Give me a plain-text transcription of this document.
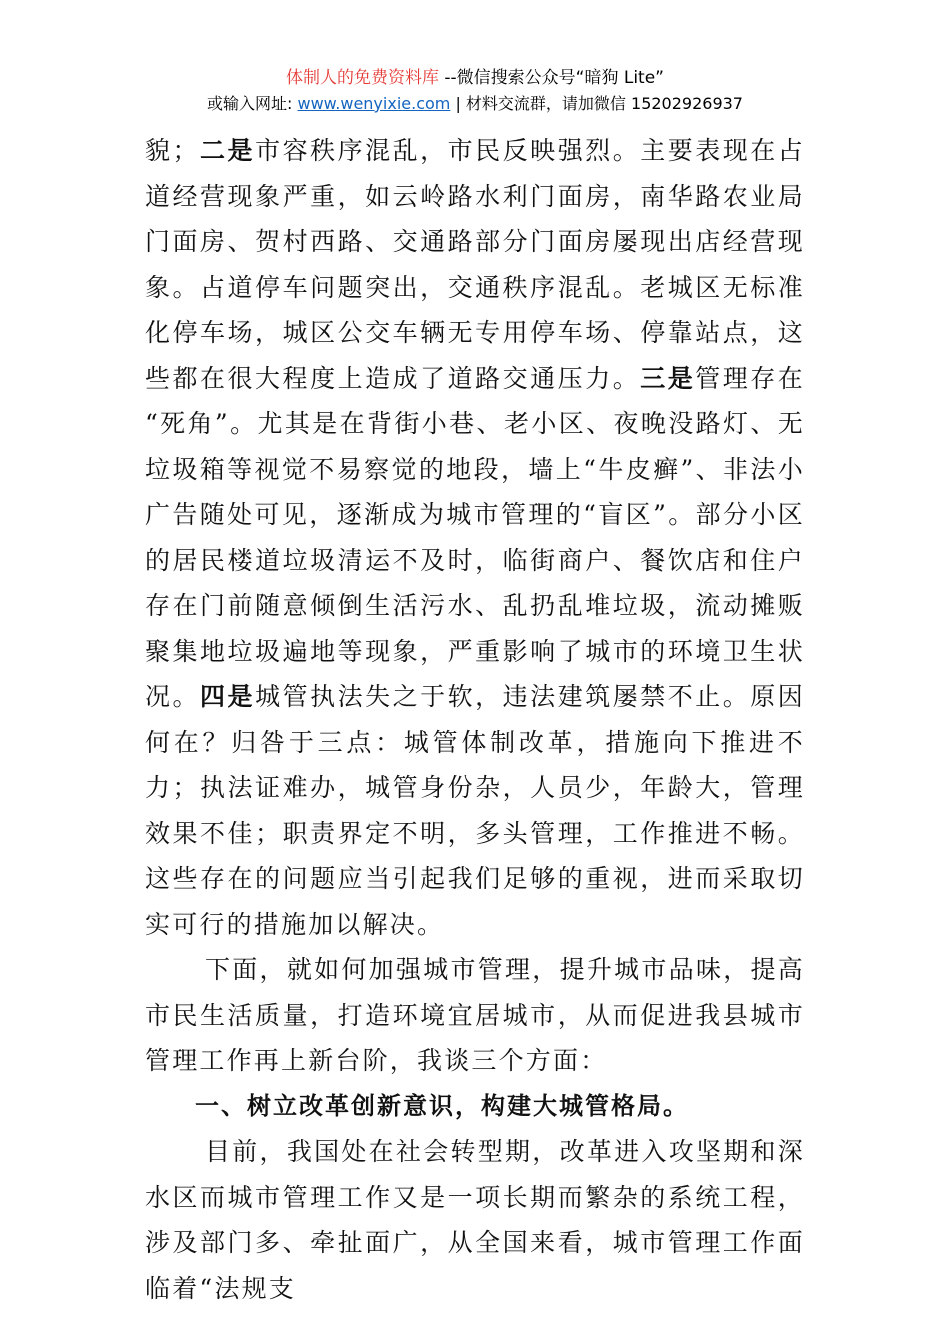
体制人的免费资料库 --微信搜索公众号“暗狗 Lite”
或输入网址: www.wenyixie.com | 材料交流群，请加微信 15202926937

貌；二是市容秩序混乱，市民反映强烈。主要表现在占道经营现象严重，如云岭路水利门面房，南华路农业局门面房、贺村西路、交通路部分门面房屡现出店经营现象。占道停车问题突出，交通秩序混乱。老城区无标准化停车场，城区公交车辆无专用停车场、停靠站点，这些都在很大程度上造成了道路交通压力。三是管理存在 “死角”。尤其是在背街小巷、老小区、夜晚没路灯、无垃圾箱等视觉不易察觉的地段，墙上“牛皮癣”、非法小广告随处可见，逐渐成为城市管理的“盲区”。部分小区的居民楼道垃圾清运不及时，临街商户、餐饮店和住户存在门前随意倾倒生活污水、乱扔乱堆垃圾，流动摊贩聚集地垃圾遍地等现象，严重影响了城市的环境卫生状况。四是城管执法失之于软，违法建筑屡禁不止。原因何在？归咎于三点：城管体制改革，措施向下推进不力；执法证难办，城管身份杂，人员少，年龄大，管理效果不佳；职责界定不明，多头管理，工作推进不畅。这些存在的问题应当引起我们足够的重视，进而采取切实可行的措施加以解决。

下面，就如何加强城市管理，提升城市品味，提高市民生活质量，打造环境宜居城市，从而促进我县城市管理工作再上新台阶，我谈三个方面：

一、树立改革创新意识，构建大城管格局。

目前，我国处在社会转型期，改革进入攻坚期和深水区而城市管理工作又是一项长期而繁杂的系统工程，涉及部门多、牵扯面广，从全国来看，城市管理工作面临着“法规支
